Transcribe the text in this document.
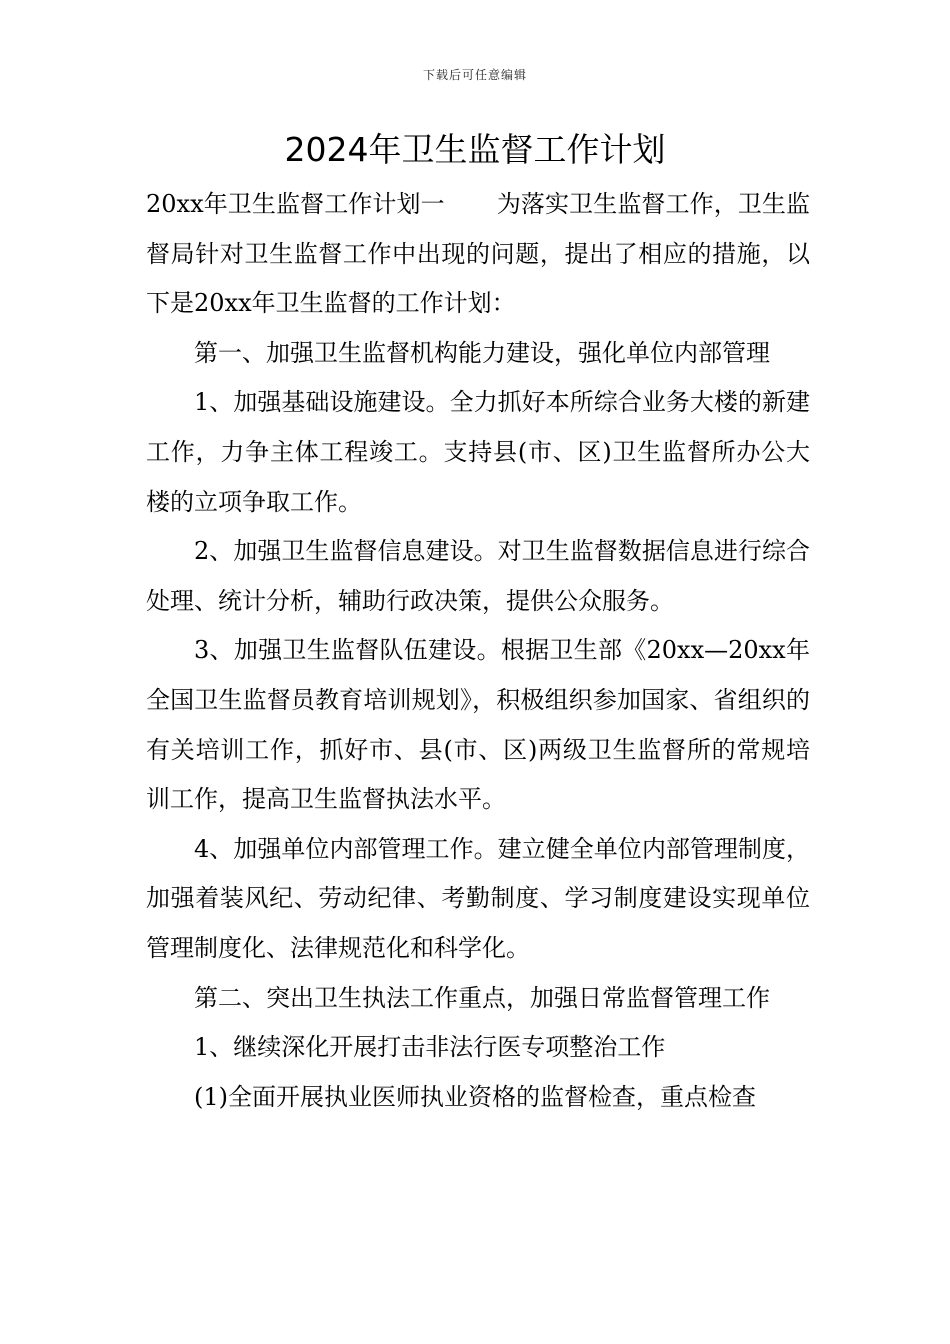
下载后可任意编辑
2024年卫生监督工作计划

20xx年卫生监督工作计划一 为落实卫生监督工作，卫生监督局针对卫生监督工作中出现的问题，提出了相应的措施，以下是20xx年卫生监督的工作计划：

第一、加强卫生监督机构能力建设，强化单位内部管理

1、加强基础设施建设。全力抓好本所综合业务大楼的新建工作，力争主体工程竣工。支持县(市、区)卫生监督所办公大楼的立项争取工作。

2、加强卫生监督信息建设。对卫生监督数据信息进行综合处理、统计分析，辅助行政决策，提供公众服务。

3、加强卫生监督队伍建设。根据卫生部《20xx—20xx年全国卫生监督员教育培训规划》，积极组织参加国家、省组织的有关培训工作，抓好市、县(市、区)两级卫生监督所的常规培训工作，提高卫生监督执法水平。

4、加强单位内部管理工作。建立健全单位内部管理制度，加强着装风纪、劳动纪律、考勤制度、学习制度建设实现单位管理制度化、法律规范化和科学化。

第二、突出卫生执法工作重点，加强日常监督管理工作

1、继续深化开展打击非法行医专项整治工作

(1)全面开展执业医师执业资格的监督检查，重点检查
